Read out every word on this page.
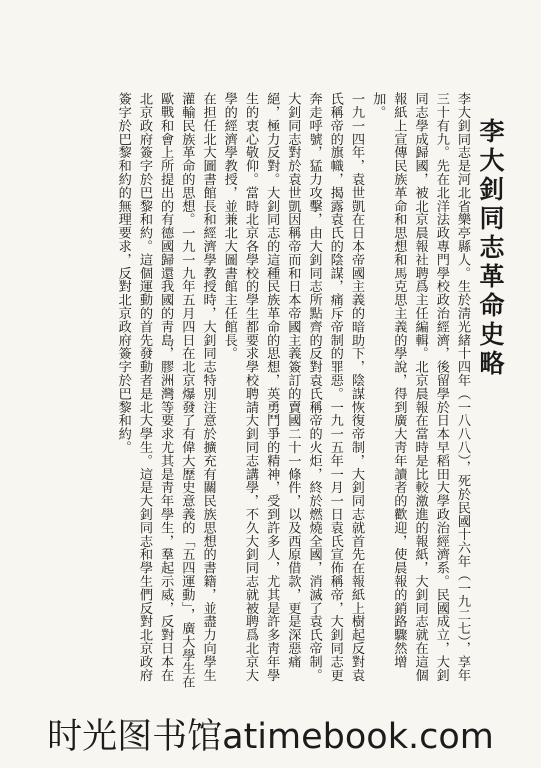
李大釗同志革命史略

李大釗同志是河北省樂亭縣人。生於淸光緒十四年（一八八八），死於民國十六年（一九二七），享年三十有九。先在北洋法政專門學校政治經濟，後留學於日本早稻田大學政治經濟系。民國成立，大釗同志學成歸國，被北京晨報社聘爲主任編輯。北京晨報在當時是比較激進的報紙，大釗同志就在這個報紙上宣傳民族革命和思想和馬克思主義的學說，得到廣大靑年讀者的歡迎，使晨報的銷路驟然增加。

一九一四年，袁世凱在日本帝國主義的暗助下，陰謀恢復帝制，大釗同志就首先在報紙上樹起反對袁氏稱帝的旗幟，揭露袁氏的陰謀，痛斥帝制的罪惡。一九一五年一月一日袁氏宣佈稱帝，大釗同志更奔走呼號，猛力攻擊，由大釗同志所點齊的反對袁氏稱帝的火炬，終於燃燒全國，消滅了袁氏帝制。

大釗同志對於袁世凱因稱帝而和日本帝國主義簽訂的賣國二十一條件，以及西原借款，更是深惡痛絕，極力反對。大釗同志的這種民族革命的思想，英勇鬥爭的精神，受到許多人，尤其是許多靑年學生的衷心敬仰。當時北京各學校的學生都要求學校聘請大釗同志講學，不久大釗同志就被聘爲北京大學的經濟學教授，並兼北大圖書館主任館長。

在担任北大圖書館長和經濟學教授時，大釗同志特別注意於擴充有關民族思想的書籍，並盡力向學生灌輸民族革命的思想。一九一九年五月四日在北京爆發了有偉大歷史意義的「五四運動」，廣大學生在歐戰和會上所提出的有德國歸還我國的靑島，膠洲灣等要求尤其是靑年學生，羣起示威，反對日本在北京政府簽字於巴黎和約。這個運動的首先發動者是北大學生。這是大釗同志和學生們反對北京政府簽字於巴黎和約的無理要求，反對北京政府簽字於巴黎和約。

时光图书馆atimebook.com
